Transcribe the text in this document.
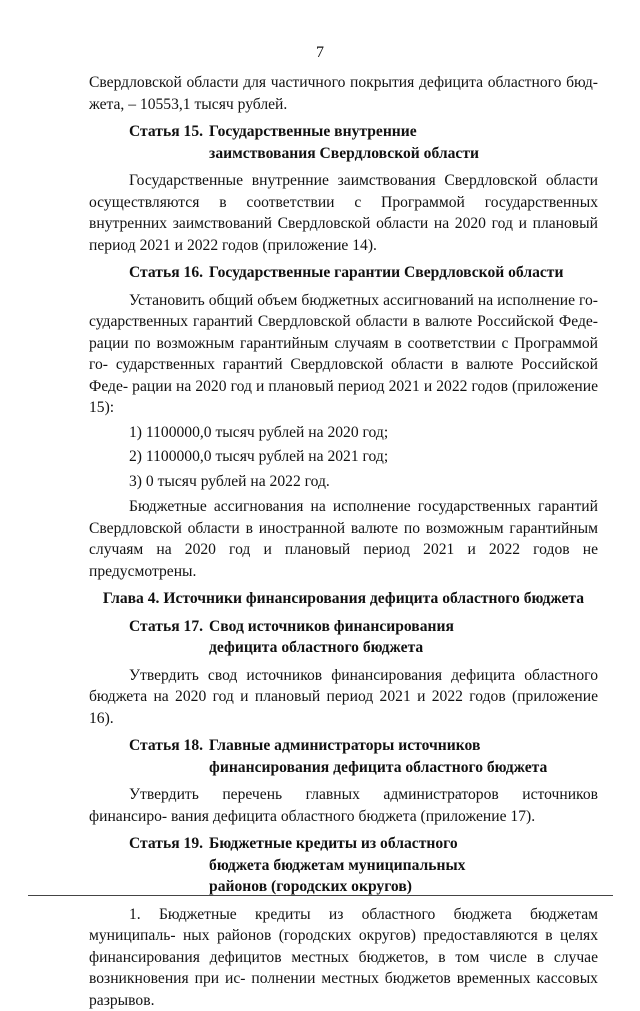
7

Свердловской области для частичного покрытия дефицита областного бюд- жета, – 10553,1 тысяч рублей.

Статья 15. Государственные внутренние
заимствования Свердловской области

Государственные внутренние заимствования Свердловской области осуществляются в соответствии с Программой государственных внутренних заимствований Свердловской области на 2020 год и плановый период 2021 и 2022 годов (приложение 14).

Статья 16. Государственные гарантии Свердловской области

Установить общий объем бюджетных ассигнований на исполнение го- сударственных гарантий Свердловской области в валюте Российской Феде- рации по возможным гарантийным случаям в соответствии с Программой го- сударственных гарантий Свердловской области в валюте Российской Феде- рации на 2020 год и плановый период 2021 и 2022 годов (приложение 15):

1) 1100000,0 тысяч рублей на 2020 год;

2) 1100000,0 тысяч рублей на 2021 год;

3) 0 тысяч рублей на 2022 год.

Бюджетные ассигнования на исполнение государственных гарантий Свердловской области в иностранной валюте по возможным гарантийным случаям на 2020 год и плановый период 2021 и 2022 годов не предусмотрены.

Глава 4. Источники финансирования дефицита областного бюджета
Статья 17. Свод источников финансирования
дефицита областного бюджета

Утвердить свод источников финансирования дефицита областного бюджета на 2020 год и плановый период 2021 и 2022 годов (приложение 16).

Статья 18. Главные администраторы источников
финансирования дефицита областного бюджета

Утвердить перечень главных администраторов источников финансиро- вания дефицита областного бюджета (приложение 17).

Статья 19. Бюджетные кредиты из областного
бюджета бюджетам муниципальных
районов (городских округов)

1. Бюджетные кредиты из областного бюджета бюджетам муниципаль- ных районов (городских округов) предоставляются в целях финансирования дефицитов местных бюджетов, в том числе в случае возникновения при ис- полнении местных бюджетов временных кассовых разрывов.
